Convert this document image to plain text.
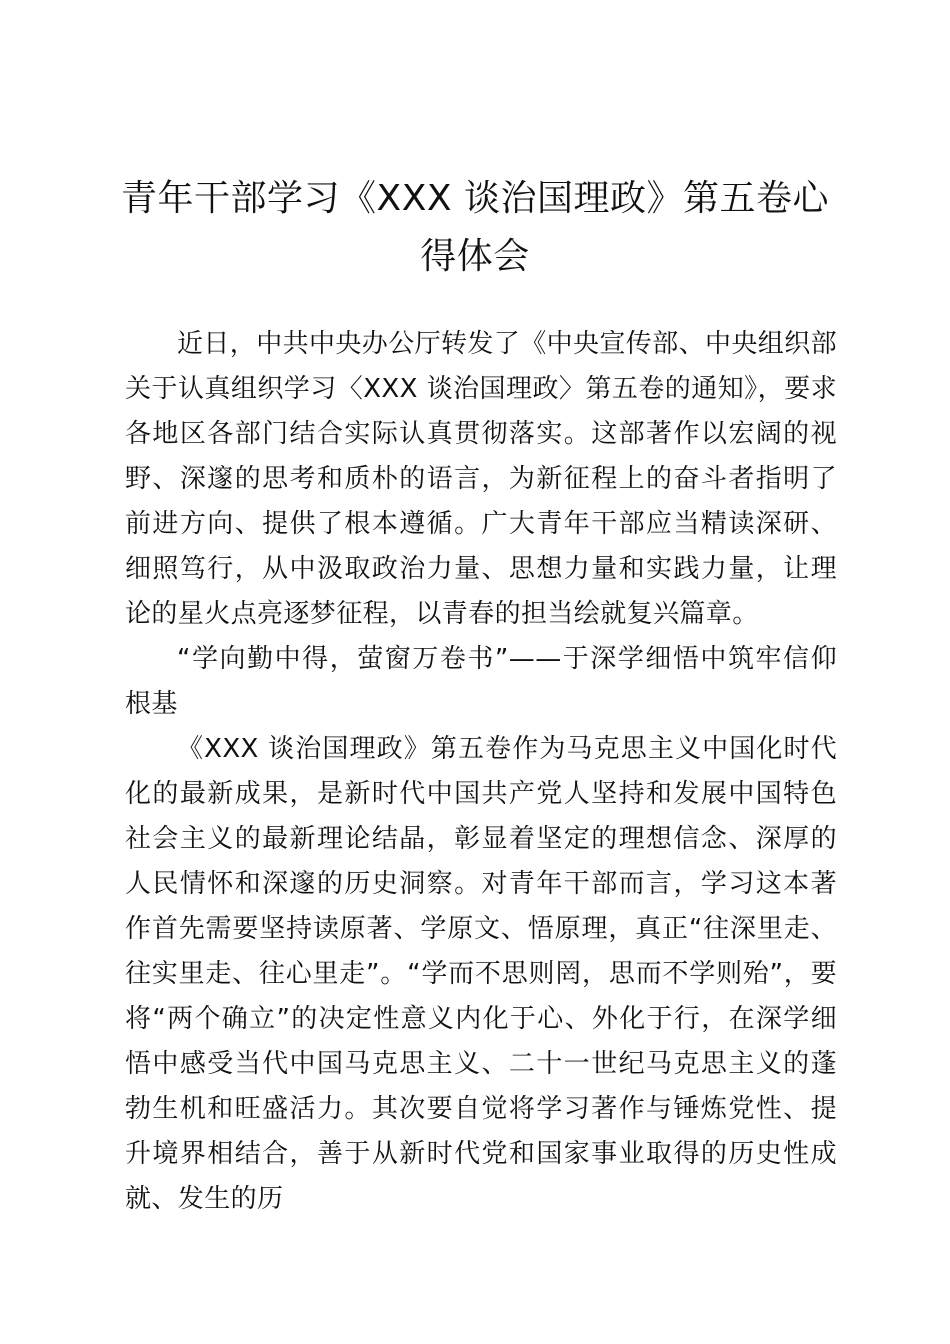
青年干部学习《XXX 谈治国理政》第五卷心得体会

近日，中共中央办公厅转发了《中央宣传部、中央组织部关于认真组织学习〈XXX 谈治国理政〉第五卷的通知》，要求各地区各部门结合实际认真贯彻落实。这部著作以宏阔的视野、深邃的思考和质朴的语言，为新征程上的奋斗者指明了前进方向、提供了根本遵循。广大青年干部应当精读深研、细照笃行，从中汲取政治力量、思想力量和实践力量，让理论的星火点亮逐梦征程，以青春的担当绘就复兴篇章。

“学向勤中得，萤窗万卷书”——于深学细悟中筑牢信仰根基

《XXX 谈治国理政》第五卷作为马克思主义中国化时代化的最新成果，是新时代中国共产党人坚持和发展中国特色社会主义的最新理论结晶，彰显着坚定的理想信念、深厚的人民情怀和深邃的历史洞察。对青年干部而言，学习这本著作首先需要坚持读原著、学原文、悟原理，真正“往深里走、往实里走、往心里走”。“学而不思则罔，思而不学则殆”，要将“两个确立”的决定性意义内化于心、外化于行，在深学细悟中感受当代中国马克思主义、二十一世纪马克思主义的蓬勃生机和旺盛活力。其次要自觉将学习著作与锤炼党性、提升境界相结合，善于从新时代党和国家事业取得的历史性成就、发生的历
